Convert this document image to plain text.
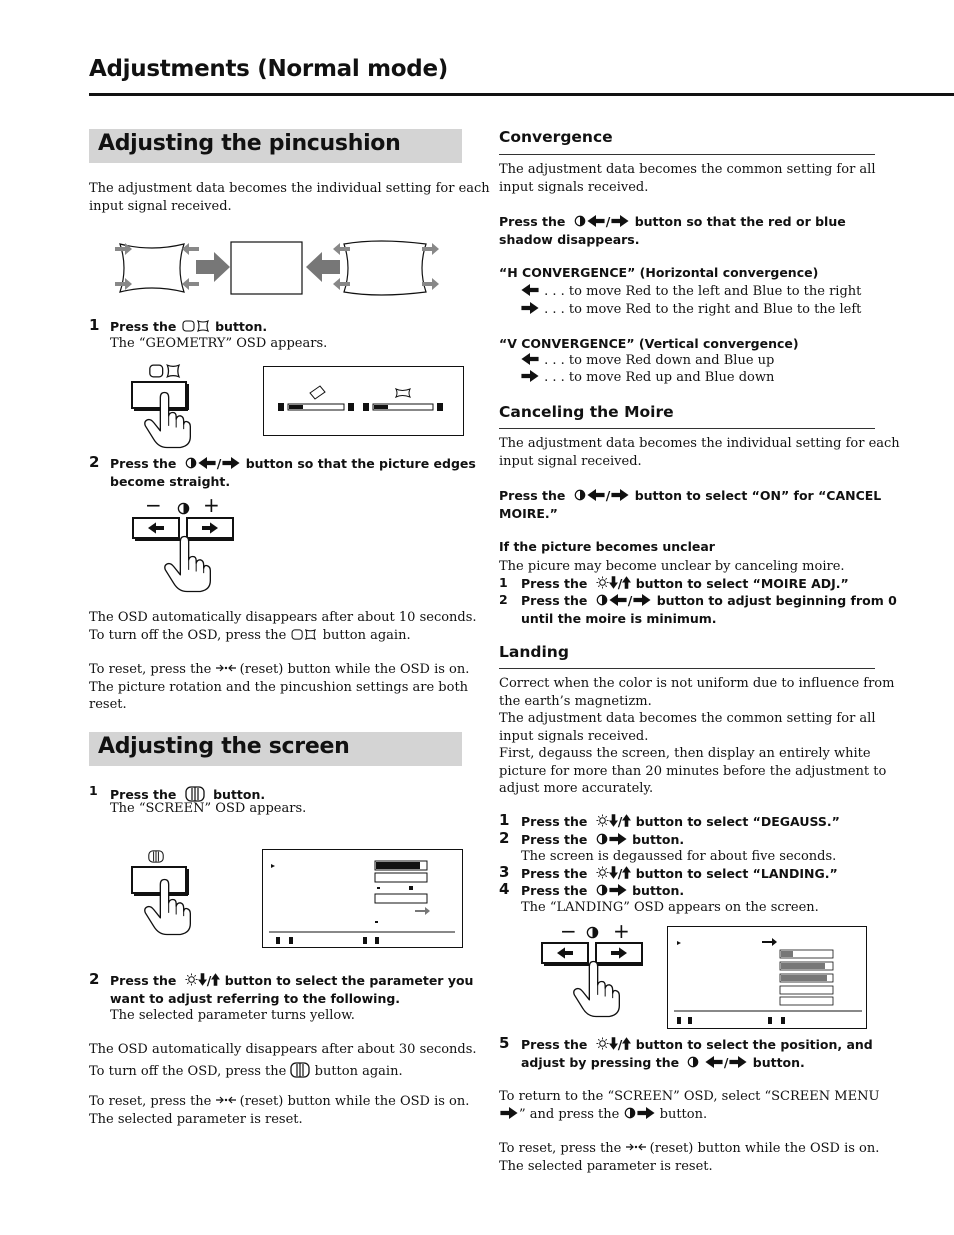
Adjustments (Normal mode)
Adjusting the pincushion
The adjustment data becomes the individual setting for each
input signal received.
1 Press the	button.
The “GEOMETRY” OSD appears.
2 Press the	/ button so that the picture edges
become straight.
− +
The OSD automatically disappears after about 10 seconds.
To turn off the OSD, press the	button again.
To reset, press the (reset) button while the OSD is on.
The picture rotation and the pincushion settings are both
reset.
Adjusting the screen
1 Press the	button.
The “SCREEN” OSD appears.
2 Press the / button to select the parameter you
want to adjust referring to the following.
The selected parameter turns yellow.
The OSD automatically disappears after about 30 seconds.
To turn off the OSD, press the button again.
To reset, press the (reset) button while the OSD is on.
The selected parameter is reset.
Convergence
The adjustment data becomes the common setting for all
input signals received.
Press the	/ button so that the red or blue
shadow disappears.
“H CONVERGENCE” (Horizontal convergence)
. . . to move Red to the left and Blue to the right
. . . to move Red to the right and Blue to the left
“V CONVERGENCE” (Vertical convergence)
. . . to move Red down and Blue up
. . . to move Red up and Blue down
Canceling the Moire
The adjustment data becomes the individual setting for each
input signal received.
Press the	/ button to select “ON” for “CANCEL
MOIRE.”
If the picture becomes unclear
The picure may become unclear by canceling moire.
1 Press the / button to select “MOIRE ADJ.”
2 Press the	/ button to adjust beginning from 0
until the moire is minimum.
Landing
Correct when the color is not uniform due to influence from
the earth’s magnetizm.
The adjustment data becomes the common setting for all
input signals received.
First, degauss the screen, then display an entirely white
picture for more than 20 minutes before the adjustment to
adjust more accurately.
1 Press the / button to select “DEGAUSS.”
2 Press the	button.
The screen is degaussed for about five seconds.
3 Press the / button to select “LANDING.”
4 Press the	button.
The “LANDING” OSD appears on the screen.
− +
5 Press the / button to select the position, and
adjust by pressing the	/ button.
To return to the “SCREEN” OSD, select “SCREEN MENU
” and press the	button.
To reset, press the (reset) button while the OSD is on.
The selected parameter is reset.
